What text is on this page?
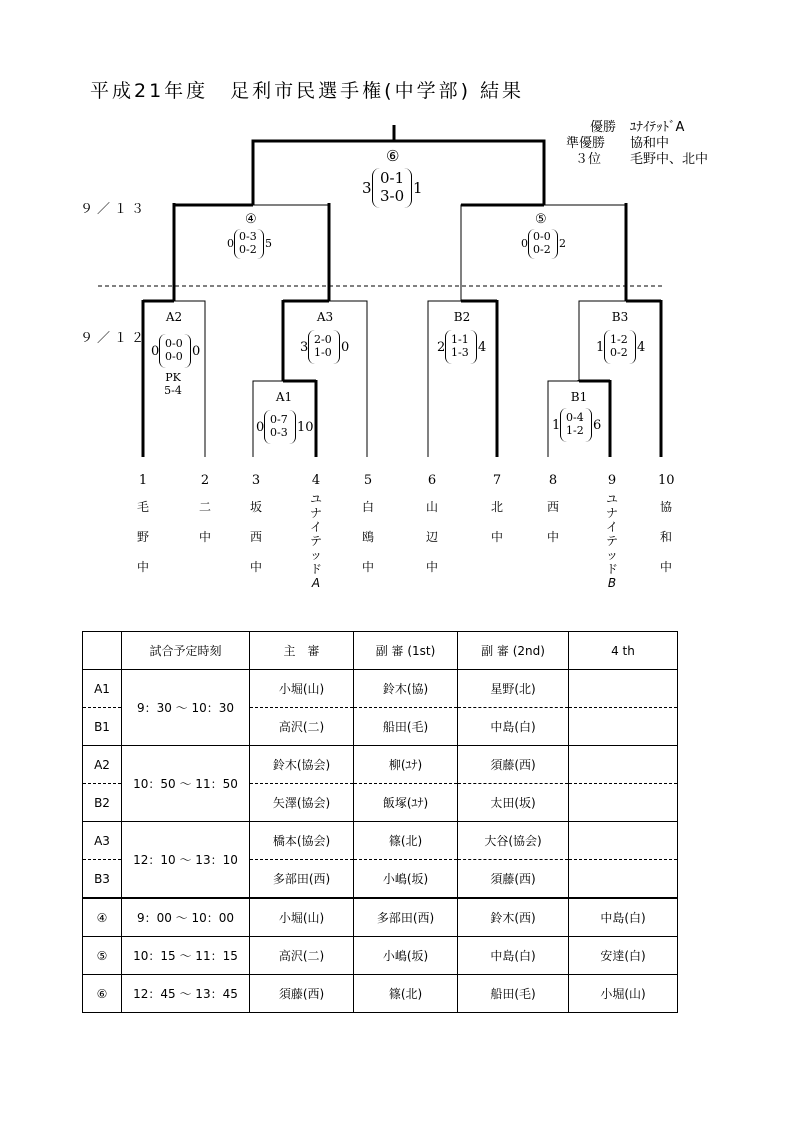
平成21年度　足利市民選手権(中学部) 結果
優勝 ﾕﾅｲﾃｯﾄﾞA
準優勝 協和中
３位 毛野中、北中
９／１３
９／１２
⑥
3
0-1
3-0 1
④
0
0-3
0-2 5
⑤
0
0-0
0-2 2
A2
0
0-0
0-0 0
PK
5-4
A3
3
2-0
1-0 0
A1
0
0-7
0-3 10
B2
2
1-1
1-3 4
B3
1
1-2
0-2 4
B1
1
0-4
1-2 6
1
毛
野
中
2
二
中
3
坂
西
中
4
ユ
ナ
イ
テ
ッ
ド
A
5
白
鴎
中
6
山
辺
中
7
北
中
8
西
中
9
ユ
ナ
イ
テ
ッ
ド
B
10
協
和
中
	試合予定時刻	主　審	副 審 (1st)	副 審 (2nd)	4 th
A1	9：30 ～ 10：30	小堀(山)	鈴木(協)	星野(北)	
B1		高沢(二)	船田(毛)	中島(白)	
A2	10：50 ～ 11：50	鈴木(協会)	柳(ﾕﾅ)	須藤(西)	
B2		矢澤(協会)	飯塚(ﾕﾅ)	太田(坂)	
A3	12：10 ～ 13：10	橋本(協会)	篠(北)	大谷(協会)	
B3		多部田(西)	小嶋(坂)	須藤(西)	
④	9：00 ～ 10：00	小堀(山)	多部田(西)	鈴木(西)	中島(白)
⑤	10：15 ～ 11：15	高沢(二)	小嶋(坂)	中島(白)	安達(白)
⑥	12：45 ～ 13：45	須藤(西)	篠(北)	船田(毛)	小堀(山)
